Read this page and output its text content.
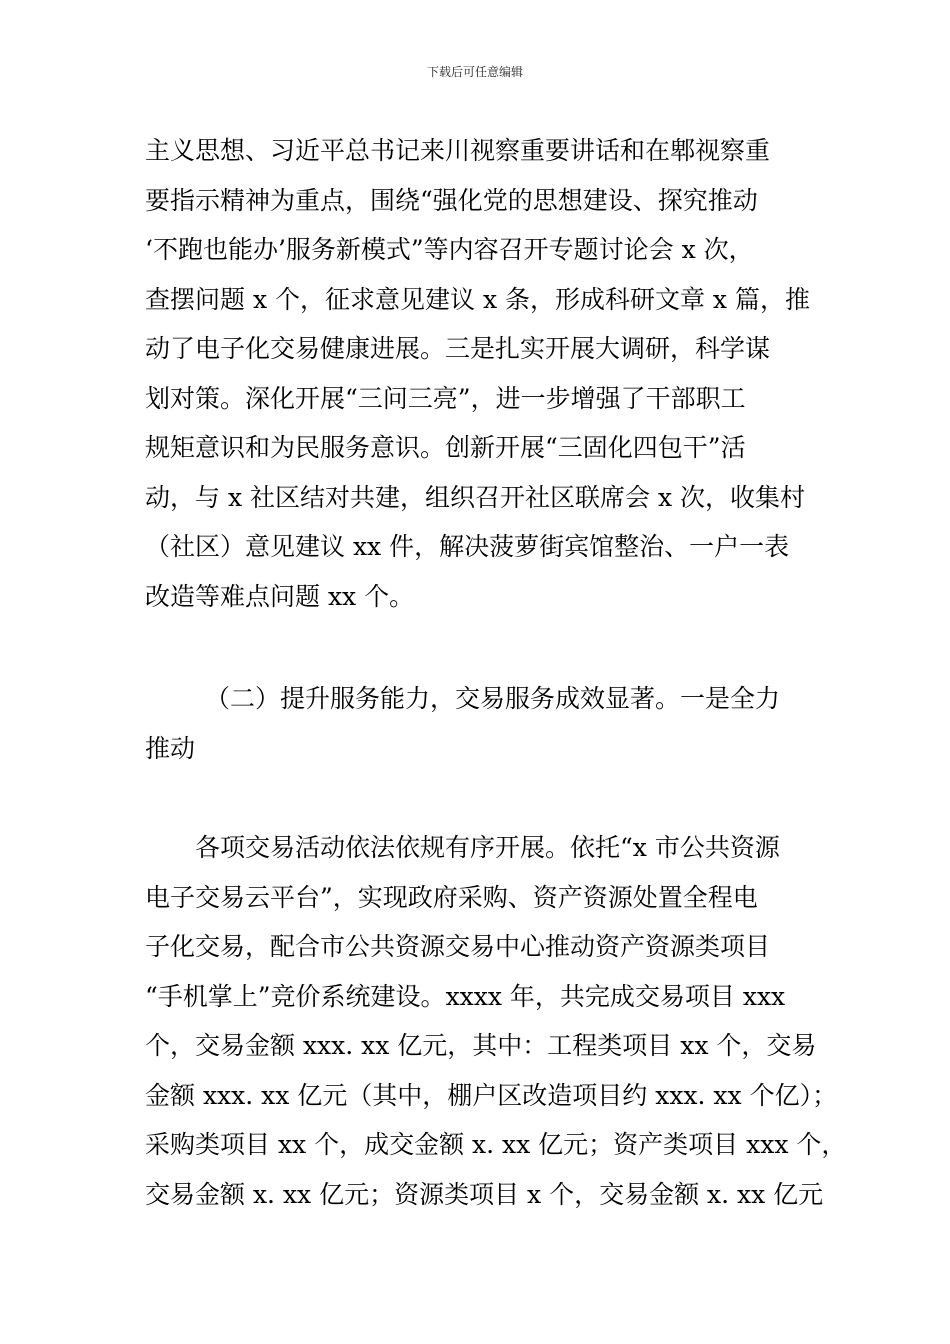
下载后可任意编辑
主义思想、习近平总书记来川视察重要讲话和在郫视察重
要指示精神为重点，围绕“强化党的思想建设、探究推动
‘不跑也能办’服务新模式”等内容召开专题讨论会 x 次，
查摆问题 x 个，征求意见建议 x 条，形成科研文章 x 篇，推
动了电子化交易健康进展。三是扎实开展大调研，科学谋
划对策。深化开展“三问三亮”，进一步增强了干部职工
规矩意识和为民服务意识。创新开展“三固化四包干”活
动，与 x 社区结对共建，组织召开社区联席会 x 次，收集村
（社区）意见建议 xx 件，解决菠萝街宾馆整治、一户一表
改造等难点问题 xx 个。
（二）提升服务能力，交易服务成效显著。一是全力
推动
各项交易活动依法依规有序开展。依托“x 市公共资源
电子交易云平台”，实现政府采购、资产资源处置全程电
子化交易，配合市公共资源交易中心推动资产资源类项目
“手机掌上”竞价系统建设。xxxx 年，共完成交易项目 xxx
个，交易金额 xxx. xx 亿元，其中：工程类项目 xx 个，交易
金额 xxx. xx 亿元（其中，棚户区改造项目约 xxx. xx 个亿）；
采购类项目 xx 个，成交金额 x. xx 亿元；资产类项目 xxx 个，
交易金额 x. xx 亿元；资源类项目 x 个，交易金额 x. xx 亿元
